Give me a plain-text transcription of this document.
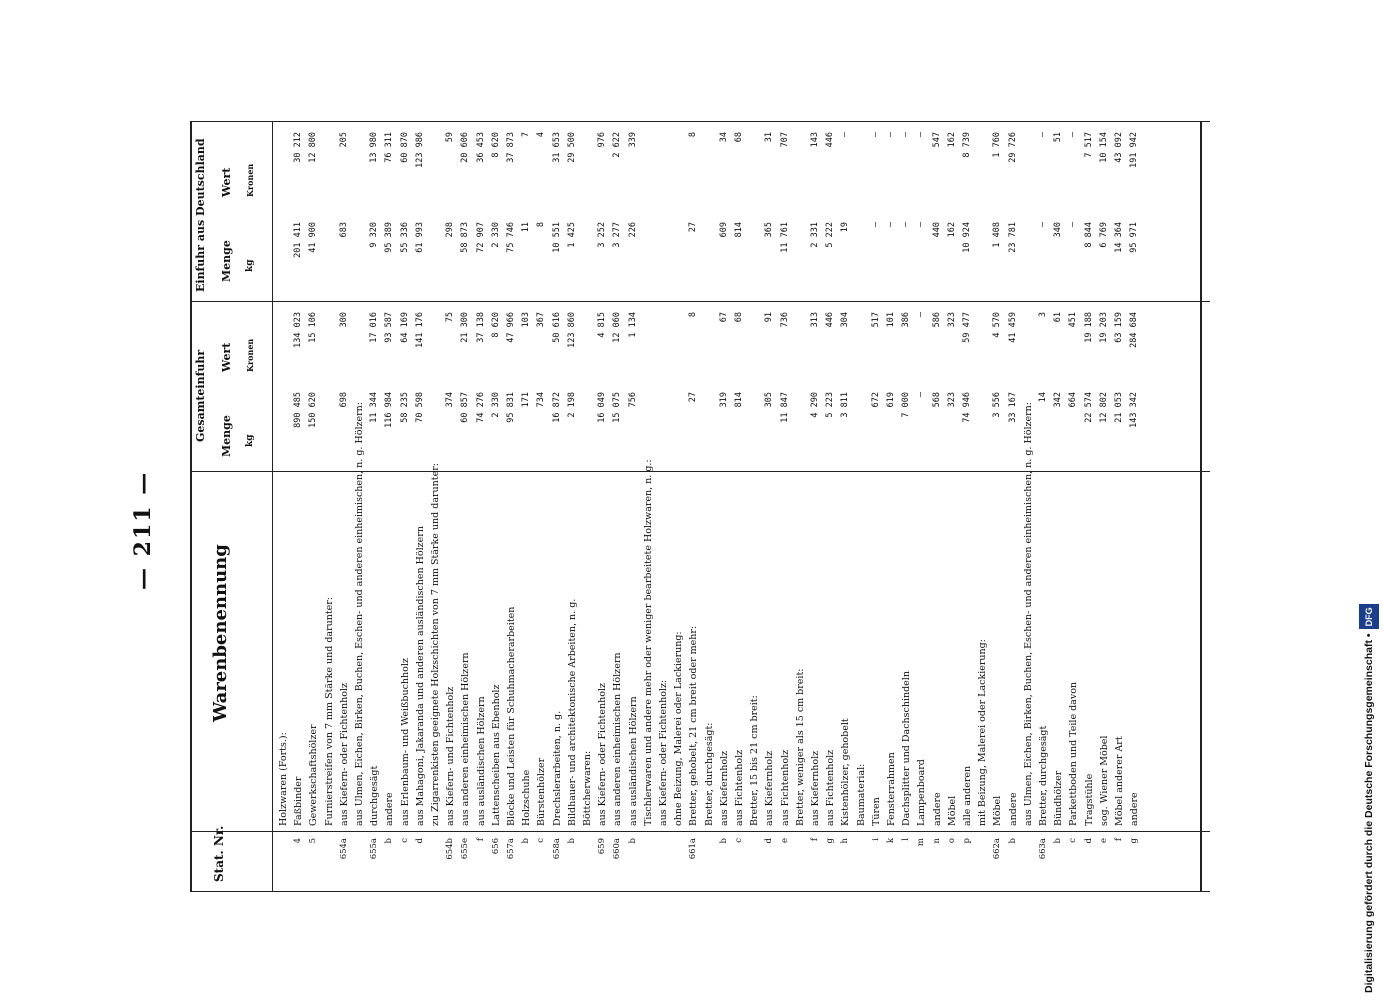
— 211 —
Stat. Nr.
Warenbenennung
Gesamteinfuhr
Einfuhr aus Deutschland
Menge
Wert
Menge
Wert
kg
Kronen
kg
Kronen
Holzwaren (Forts.):
4
Faßbinder
890 485
134 023
201 411
30 212
5
Gewerkschaftshölzer
150 620
15 106
41 900
12 800
Furnierstreifen von 7 mm Stärke und darunter:
654a
aus Kiefern- oder Fichtenholz
698
300
683
205
aus Ulmen, Eichen, Birken, Buchen, Eschen- und anderen einheimischen, n. g. Hölzern:
655a
durchgesägt
11 344
17 016
9 320
13 980
b
andere
116 984
93 587
95 389
76 311
c
aus Erlenbaum- und Weißbuchholz
58 235
64 169
55 336
60 870
d
aus Mahagoni, Jakaranda und anderen ausländischen Hölzern
70 598
141 176
61 993
123 986
zu Zigarrenkisten geeignete Holzschichten von 7 mm Stärke und darunter:
654b
aus Kiefern- und Fichtenholz
374
75
298
59
655e
aus anderen einheimischen Hölzern
60 857
21 300
58 873
20 606
f
aus ausländischen Hölzern
74 276
37 138
72 907
36 453
656
Lattenscheiben aus Ebenholz
2 330
8 620
2 330
8 620
657a
Blöcke und Leisten für Schuhmacherarbeiten
95 831
47 966
75 746
37 873
b
Holzschuhe
171
103
11
7
c
Bürstenhölzer
734
367
8
4
658a
Drechslerarbeiten, n. g.
16 872
50 616
10 551
31 653
b
Bildhauer- und architektonische Arbeiten, n. g.
2 198
123 860
1 425
29 500
Böttcherwaren:
659
aus Kiefern- oder Fichtenholz
16 049
4 815
3 252
976
660a
aus anderen einheimischen Hölzern
15 075
12 060
3 277
2 622
b
aus ausländischen Hölzern
756
1 134
226
339
Tischlerwaren und andere mehr oder weniger bearbeitete Holzwaren, n. g.: aus Kiefern- oder Fichtenholz: ohne Beizung, Malerei oder Lackierung:
661a
Bretter, gehobelt, 21 cm breit oder mehr:
27
8
27
8
Bretter, durchgesägt:
b
aus Kiefernholz
319
67
609
34
c
aus Fichtenholz
814
68
814
68
Bretter, 15 bis 21 cm breit:
d
aus Kiefernholz
305
91
365
31
e
aus Fichtenholz
11 847
736
11 761
707
Bretter, weniger als 15 cm breit:
f
aus Kiefernholz
4 290
313
2 331
143
g
aus Fichtenholz
5 223
446
5 222
446
h
Kistenhölzer, gehobelt
3 811
304
19
—
Baumaterial:
i
Türen
672
517
—
—
k
Fensterrahmen
619
101
—
—
l
Dachsplitter und Dachschindeln
7 000
386
—
—
m
Lampenboard
—
—
—
—
n
andere
568
586
440
547
o
Möbel
323
323
162
162
p
alle anderen
74 946
59 477
10 924
8 739
mit Beizung, Malerei oder Lackierung:
662a
Möbel
3 556
4 570
1 408
1 760
b
andere
33 167
41 459
23 781
29 726
aus Ulmen, Eichen, Birken, Buchen, Eschen- und anderen einheimischen, n. g. Hölzern:
663a
Bretter, durchgesägt
14
3
—
—
b
Bündhölzer
342
61
340
51
c
Parkettboden und Teile davon
664
451
—
—
d
Tragstühle
22 574
19 188
8 844
7 517
e
sog. Wiener Möbel
12 802
19 203
6 769
10 154
f
Möbel anderer Art
21 053
63 159
14 364
43 092
g
andere
143 342
284 684
95 971
191 942
Digitalisierung gefördert durch die Deutsche Forschungsgemeinschaft •DFG
